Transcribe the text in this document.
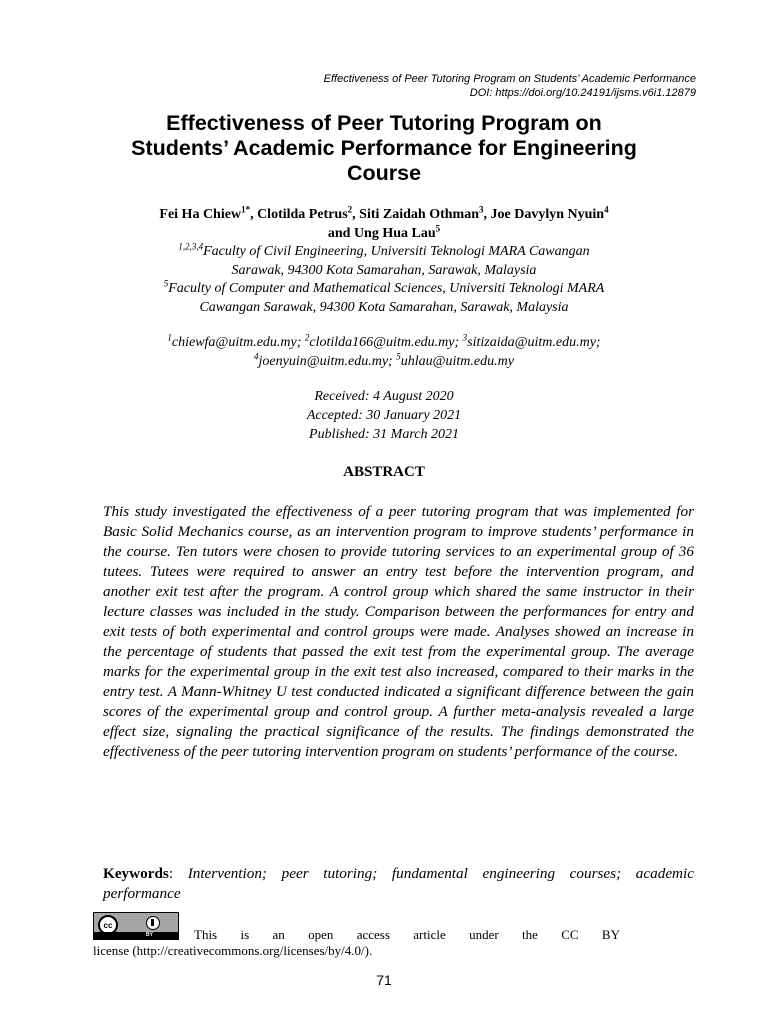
Effectiveness of Peer Tutoring Program on Students’ Academic Performance
DOI: https://doi.org/10.24191/ijsms.v6i1.12879
Effectiveness of Peer Tutoring Program on
Students’ Academic Performance for Engineering
Course
Fei Ha Chiew$^{1*}$, Clotilda Petrus$^2$, Siti Zaidah Othman$^3$, Joe Davylyn Nyuin$^4$
and Ung Hua Lau$^5$
$^{1,2,3,4}$Faculty of Civil Engineering, Universiti Teknologi MARA Cawangan
Sarawak, 94300 Kota Samarahan, Sarawak, Malaysia
$^5$Faculty of Computer and Mathematical Sciences, Universiti Teknologi MARA
Cawangan Sarawak, 94300 Kota Samarahan, Sarawak, Malaysia
$^1$chiewfa@uitm.edu.my; $^2$clotilda166@uitm.edu.my; $^3$sitizaida@uitm.edu.my;
$^4$joenyuin@uitm.edu.my; $^5$uhlau@uitm.edu.my
Received: 4 August 2020
Accepted: 30 January 2021
Published: 31 March 2021
ABSTRACT
This study investigated the effectiveness of a peer tutoring program that was implemented for Basic Solid Mechanics course, as an intervention program to improve students’ performance in the course. Ten tutors were chosen to provide tutoring services to an experimental group of 36 tutees. Tutees were required to answer an entry test before the intervention program, and another exit test after the program. A control group which shared the same instructor in their lecture classes was included in the study. Comparison between the performances for entry and exit tests of both experimental and control groups were made. Analyses showed an increase in the percentage of students that passed the exit test from the experimental group. The average marks for the experimental group in the exit test also increased, compared to their marks in the entry test. A Mann-Whitney U test conducted indicated a significant difference between the gain scores of the experimental group and control group. A further meta-analysis revealed a large effect size, signaling the practical significance of the results. The findings demonstrated the effectiveness of the peer tutoring intervention program on students’ performance of the course.
Keywords: Intervention; peer tutoring; fundamental engineering courses; academic performance
cc
BY	This is an open access article under the CC BY
license (http://creativecommons.org/licenses/by/4.0/).
71
